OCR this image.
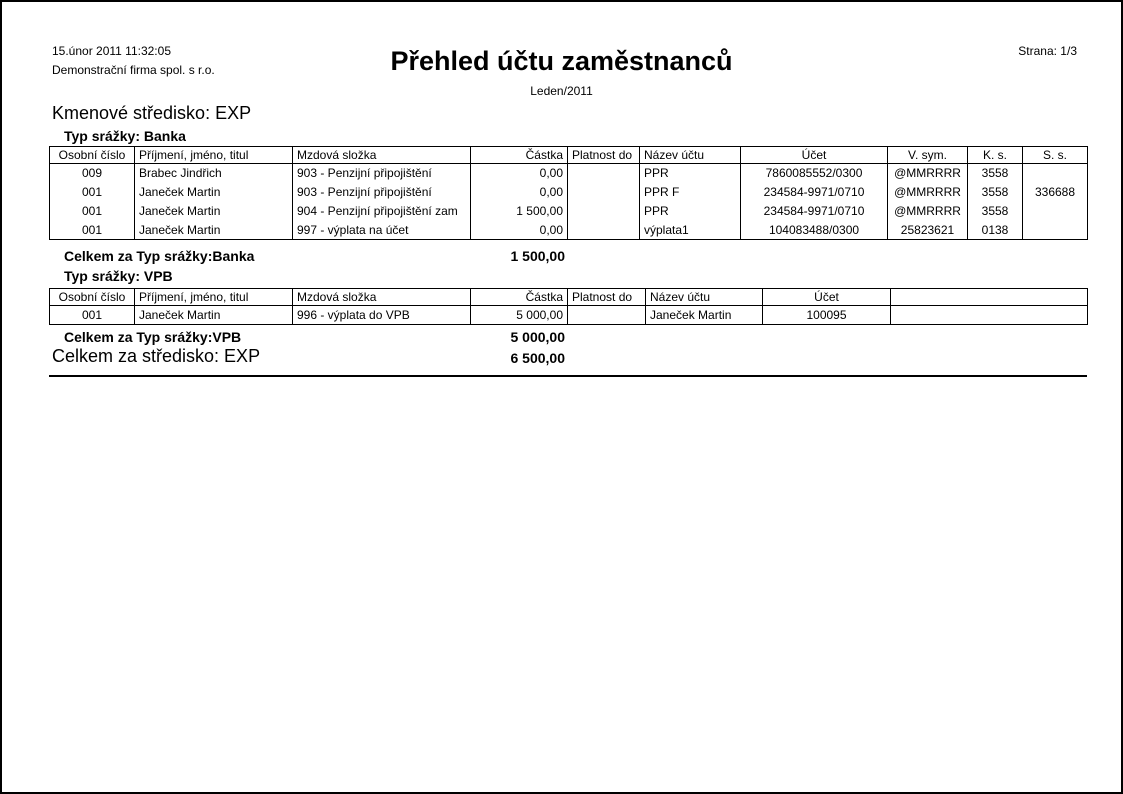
15.únor 2011 11:32:05
Demonstrační firma spol. s r.o.	Přehled účtu zaměstnanců
Leden/2011
Strana: 1/3
Kmenové středisko: EXP
Typ srážky: Banka
Osobní číslo	Příjmení, jméno, titul	Mzdová složka	Částka	Platnost do	Název účtu	Účet	V. sym.	K. s.	S. s.
009	Brabec Jindřich	903 - Penzijní připojištění	0,00		PPR	7860085552/0300	@MMRRRR	3558	
001	Janeček Martin	903 - Penzijní připojištění	0,00		PPR F	234584-9971/0710	@MMRRRR	3558	336688
001	Janeček Martin	904 - Penzijní připojištění zam	1 500,00		PPR	234584-9971/0710	@MMRRRR	3558	
001	Janeček Martin	997 - výplata na účet	0,00		výplata1	104083488/0300	25823621	0138	
Celkem za Typ srážky:Banka	1 500,00
Typ srážky: VPB
Osobní číslo	Příjmení, jméno, titul	Mzdová složka	Částka	Platnost do	Název účtu	Účet	
001	Janeček Martin	996 - výplata do VPB	5 000,00		Janeček Martin	100095	
Celkem za Typ srážky:VPB	5 000,00
Celkem za středisko: EXP	6 500,00
